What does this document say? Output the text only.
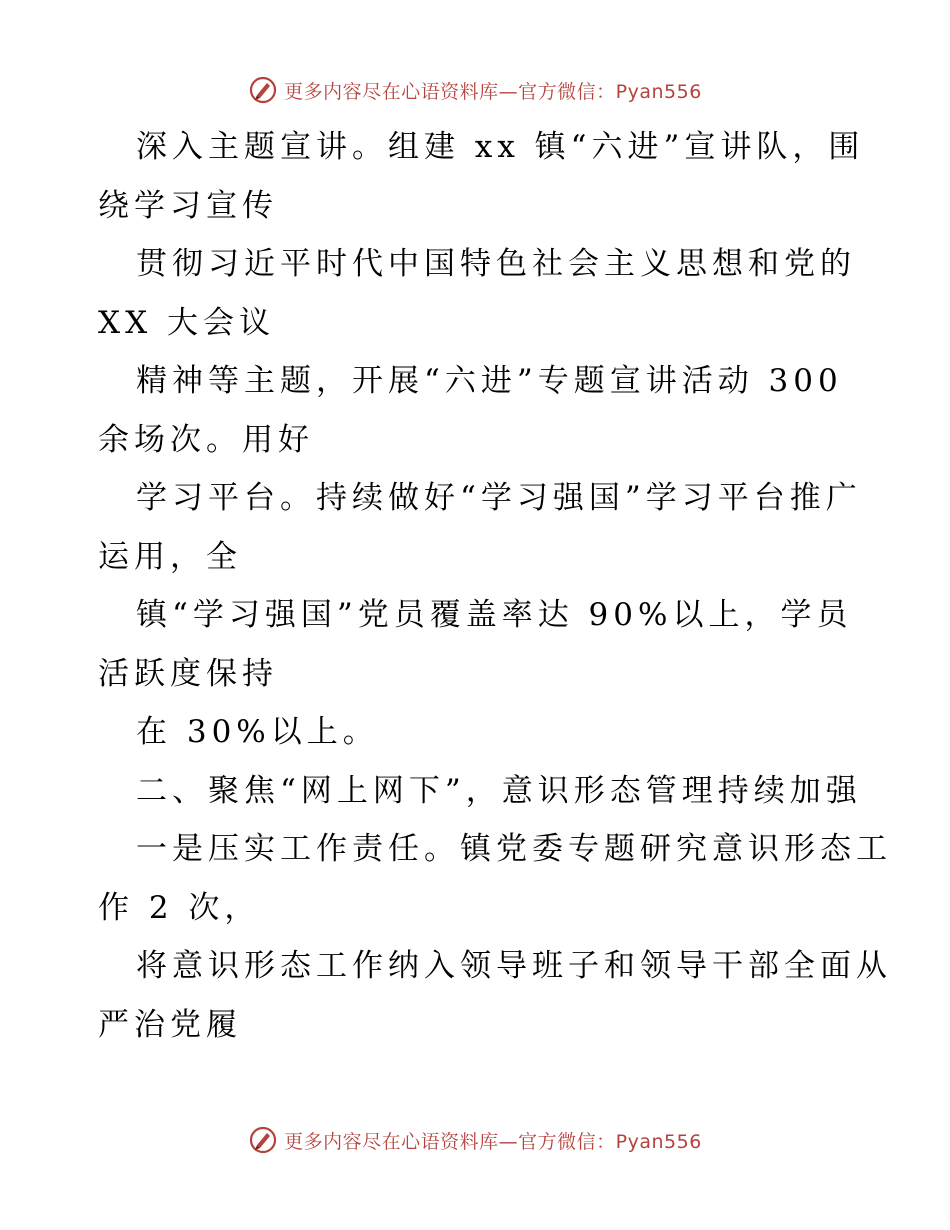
更多内容尽在心语资料库—官方微信：Pyan556
深入主题宣讲。组建 xx 镇“六进”宣讲队，围
绕学习宣传
贯彻习近平时代中国特色社会主义思想和党的
XX 大会议
精神等主题，开展“六进”专题宣讲活动 300
余场次。用好
学习平台。持续做好“学习强国”学习平台推广
运用，全
镇“学习强国”党员覆盖率达 90%以上，学员
活跃度保持
在 30%以上。
二、聚焦“网上网下”，意识形态管理持续加强
一是压实工作责任。镇党委专题研究意识形态工
作 2 次，
将意识形态工作纳入领导班子和领导干部全面从
严治党履
更多内容尽在心语资料库—官方微信：Pyan556
